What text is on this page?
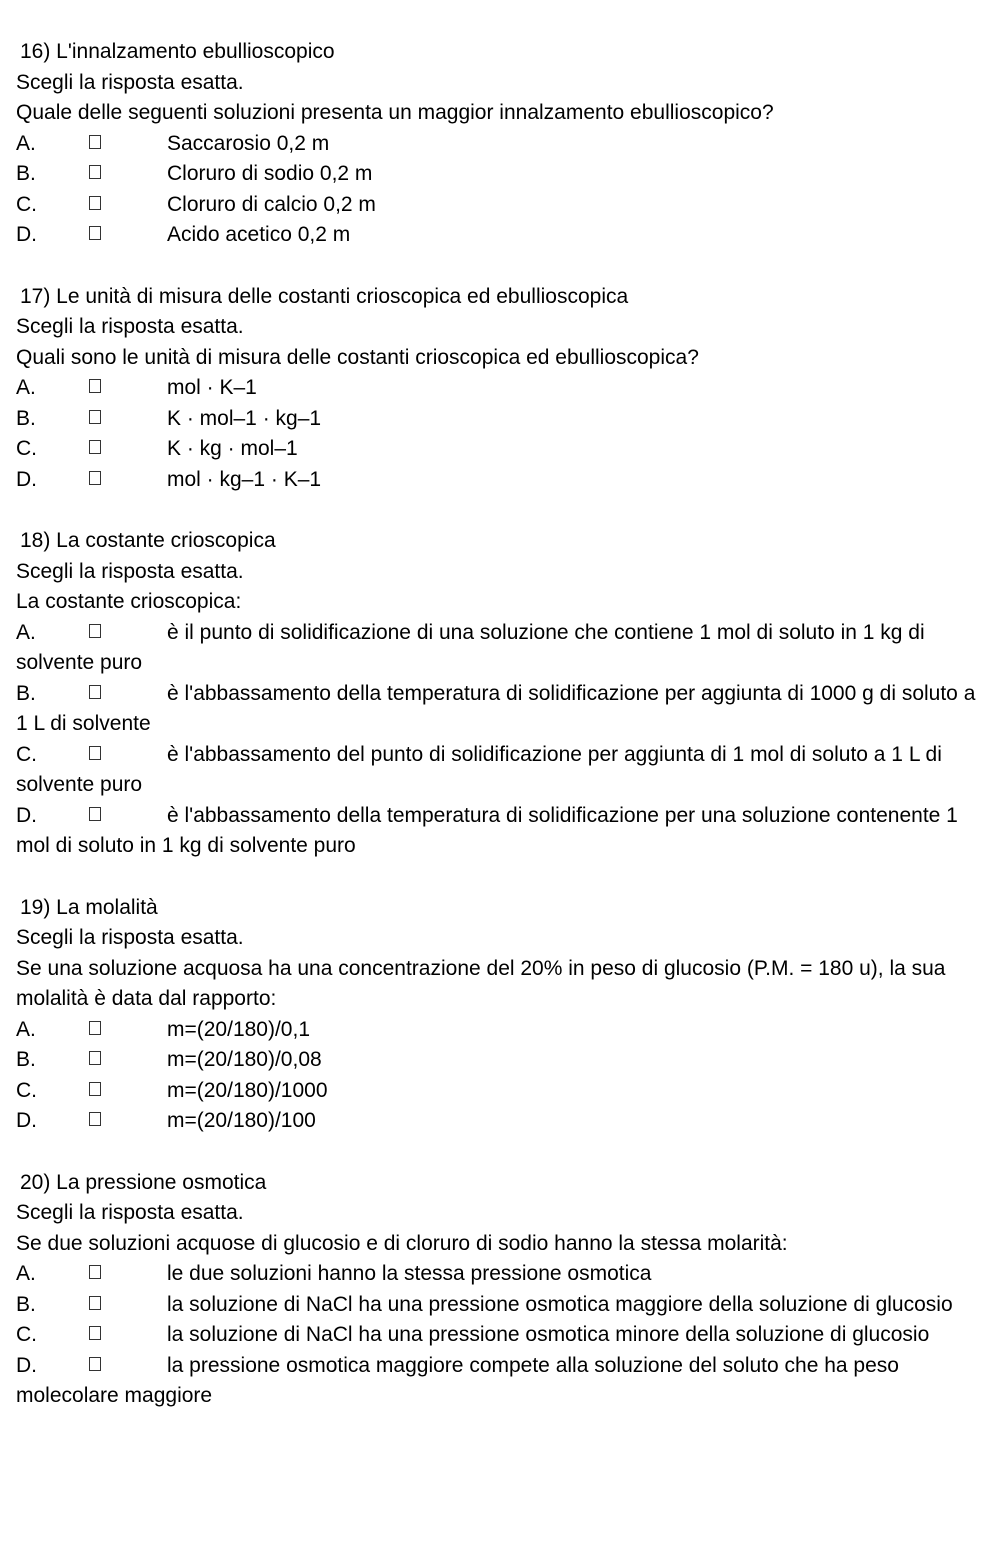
16) L'innalzamento ebullioscopico
Scegli la risposta esatta.
Quale delle seguenti soluzioni presenta un maggior innalzamento ebullioscopico?
A.	Saccarosio 0,2 m
B.	Cloruro di sodio 0,2 m
C.	Cloruro di calcio 0,2 m
D.	Acido acetico 0,2 m
17) Le unità di misura delle costanti crioscopica ed ebullioscopica
Scegli la risposta esatta.
Quali sono le unità di misura delle costanti crioscopica ed ebullioscopica?
A.	mol · K–1
B.	K · mol–1 · kg–1
C.	K · kg · mol–1
D.	mol · kg–1 · K–1
18) La costante crioscopica
Scegli la risposta esatta.
La costante crioscopica:
A.	è il punto di solidificazione di una soluzione che contiene 1 mol di soluto in 1 kg di solvente puro
B.	è l'abbassamento della temperatura di solidificazione per aggiunta di 1000 g di soluto a 1 L di solvente
C.	è l'abbassamento del punto di solidificazione per aggiunta di 1 mol di soluto a 1 L di solvente puro
D.	è l'abbassamento della temperatura di solidificazione per una soluzione contenente 1 mol di soluto in 1 kg di solvente puro
19) La molalità
Scegli la risposta esatta.
Se una soluzione acquosa ha una concentrazione del 20% in peso di glucosio (P.M. = 180 u), la sua molalità è data dal rapporto:
A.	m=(20/180)/0,1
B.	m=(20/180)/0,08
C.	m=(20/180)/1000
D.	m=(20/180)/100
20) La pressione osmotica
Scegli la risposta esatta.
Se due soluzioni acquose di glucosio e di cloruro di sodio hanno la stessa molarità:
A.	le due soluzioni hanno la stessa pressione osmotica
B.	la soluzione di NaCl ha una pressione osmotica maggiore della soluzione di glucosio
C.	la soluzione di NaCl ha una pressione osmotica minore della soluzione di glucosio
D.	la pressione osmotica maggiore compete alla soluzione del soluto che ha peso molecolare maggiore
